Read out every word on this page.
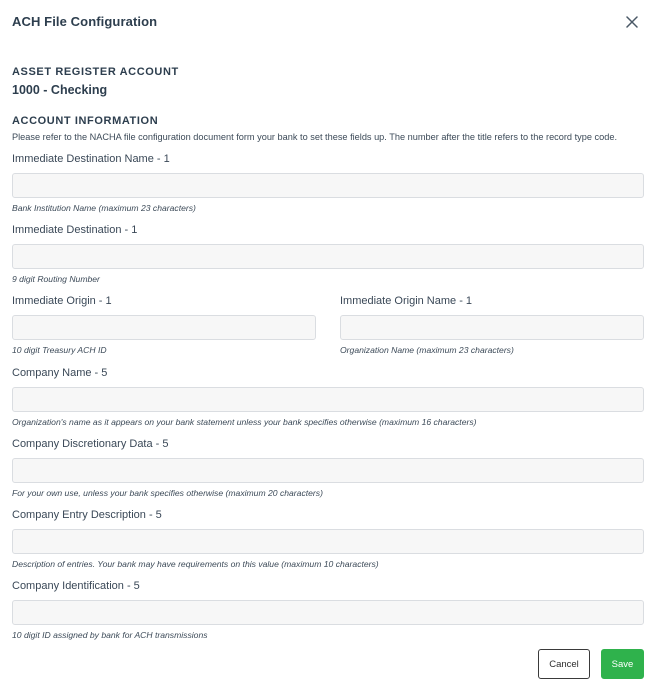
ACH File Configuration
ASSET REGISTER ACCOUNT
1000 - Checking
ACCOUNT INFORMATION
Please refer to the NACHA file configuration document form your bank to set these fields up. The number after the title refers to the record type code.
Immediate Destination Name - 1
Bank Institution Name (maximum 23 characters)
Immediate Destination - 1
9 digit Routing Number
Immediate Origin - 1
10 digit Treasury ACH ID
Immediate Origin Name - 1
Organization Name (maximum 23 characters)
Company Name - 5
Organization's name as it appears on your bank statement unless your bank specifies otherwise (maximum 16 characters)
Company Discretionary Data - 5
For your own use, unless your bank specifies otherwise (maximum 20 characters)
Company Entry Description - 5
Description of entries. Your bank may have requirements on this value (maximum 10 characters)
Company Identification - 5
10 digit ID assigned by bank for ACH transmissions
Cancel	Save
